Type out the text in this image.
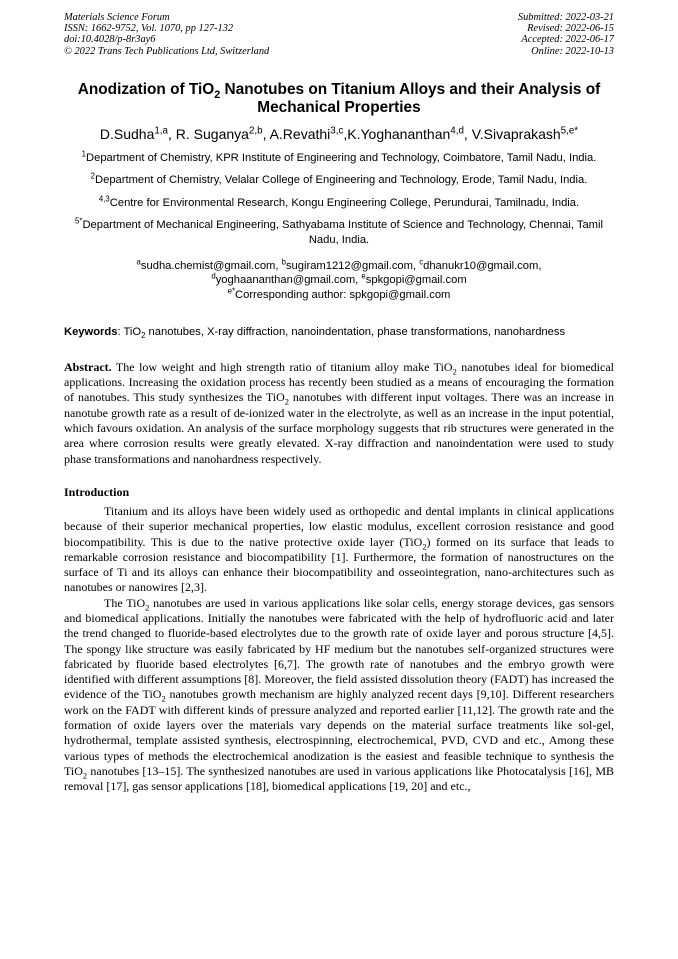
Materials Science Forum
ISSN: 1662-9752, Vol. 1070, pp 127-132
doi:10.4028/p-8r3ay6
© 2022 Trans Tech Publications Ltd, Switzerland
Submitted: 2022-03-21
Revised: 2022-06-15
Accepted: 2022-06-17
Online: 2022-10-13
Anodization of TiO$_2$ Nanotubes on Titanium Alloys and their Analysis of Mechanical Properties
D.Sudha$^{1,a}$, R. Suganya$^{2,b}$, A.Revathi$^{3,c}$,K.Yoghananthan$^{4,d}$, V.Sivaprakash$^{5,e*}$
$^1$Department of Chemistry, KPR Institute of Engineering and Technology, Coimbatore, Tamil Nadu, India.
$^2$Department of Chemistry, Velalar College of Engineering and Technology, Erode, Tamil Nadu, India.
$^{4,3}$Centre for Environmental Research, Kongu Engineering College, Perundurai, Tamilnadu, India.
$^{5*}$Department of Mechanical Engineering, Sathyabama Institute of Science and Technology, Chennai, Tamil Nadu, India.
$^a$sudha.chemist@gmail.com, $^b$sugiram1212@gmail.com, $^c$dhanukr10@gmail.com,
$^d$yoghaananthan@gmail.com, $^e$spkgopi@gmail.com
$^{e*}$Corresponding author: spkgopi@gmail.com
Keywords: TiO$_2$ nanotubes, X-ray diffraction, nanoindentation, phase transformations, nanohardness
Abstract. The low weight and high strength ratio of titanium alloy make TiO$_2$ nanotubes ideal for biomedical applications. Increasing the oxidation process has recently been studied as a means of encouraging the formation of nanotubes. This study synthesizes the TiO$_2$ nanotubes with different input voltages. There was an increase in nanotube growth rate as a result of de-ionized water in the electrolyte, as well as an increase in the input potential, which favours oxidation. An analysis of the surface morphology suggests that rib structures were generated in the area where corrosion results were greatly elevated. X-ray diffraction and nanoindentation were used to study phase transformations and nanohardness respectively.
Introduction
Titanium and its alloys have been widely used as orthopedic and dental implants in clinical applications because of their superior mechanical properties, low elastic modulus, excellent corrosion resistance and good biocompatibility. This is due to the native protective oxide layer (TiO$_2$) formed on its surface that leads to remarkable corrosion resistance and biocompatibility [1]. Furthermore, the formation of nanostructures on the surface of Ti and its alloys can enhance their biocompatibility and osseointegration, nano-architectures such as nanotubes or nanowires [2,3].
The TiO$_2$ nanotubes are used in various applications like solar cells, energy storage devices, gas sensors and biomedical applications. Initially the nanotubes were fabricated with the help of hydrofluoric acid and later the trend changed to fluoride-based electrolytes due to the growth rate of oxide layer and porous structure [4,5]. The spongy like structure was easily fabricated by HF medium but the nanotubes self-organized structures were fabricated by fluoride based electrolytes [6,7]. The growth rate of nanotubes and the embryo growth were identified with different assumptions [8]. Moreover, the field assisted dissolution theory (FADT) has increased the evidence of the TiO$_2$ nanotubes growth mechanism are highly analyzed recent days [9,10]. Different researchers work on the FADT with different kinds of pressure analyzed and reported earlier [11,12]. The growth rate and the formation of oxide layers over the materials vary depends on the material surface treatments like sol-gel, hydrothermal, template assisted synthesis, electrospinning, electrochemical, PVD, CVD and etc., Among these various types of methods the electrochemical anodization is the easiest and feasible technique to synthesis the TiO$_2$ nanotubes [13–15]. The synthesized nanotubes are used in various applications like Photocatalysis [16], MB removal [17], gas sensor applications [18], biomedical applications [19, 20] and etc.,
